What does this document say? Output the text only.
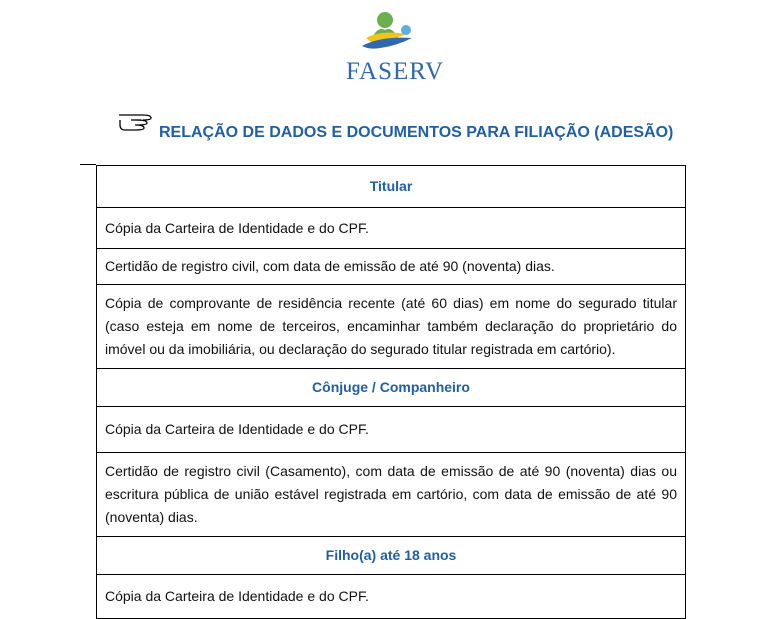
FASERV
RELAÇÃO DE DADOS E DOCUMENTOS PARA FILIAÇÃO (ADESÃO)
Titular
Cópia da Carteira de Identidade e do CPF.
Certidão de registro civil, com data de emissão de até 90 (noventa) dias.
Cópia de comprovante de residência recente (até 60 dias) em nome do segurado titular (caso esteja em nome de terceiros, encaminhar também declaração do proprietário do imóvel ou da imobiliária, ou declaração do segurado titular registrada em cartório).
Cônjuge / Companheiro
Cópia da Carteira de Identidade e do CPF.
Certidão de registro civil (Casamento), com data de emissão de até 90 (noventa) dias ou escritura pública de união estável registrada em cartório, com data de emissão de até 90 (noventa) dias.
Filho(a) até 18 anos
Cópia da Carteira de Identidade e do CPF.
